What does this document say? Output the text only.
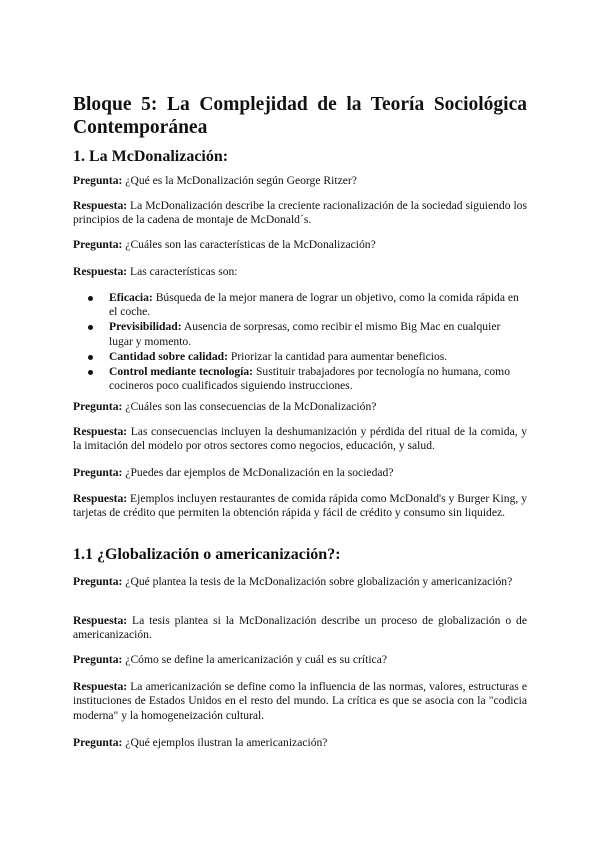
Bloque 5: La Complejidad de la Teoría Sociológica
Contemporánea
1. La McDonalización:

Pregunta: ¿Qué es la McDonalización según George Ritzer?

Respuesta: La McDonalización describe la creciente racionalización de la sociedad siguiendo los principios de la cadena de montaje de McDonald´s.

Pregunta: ¿Cuáles son las características de la McDonalización?

Respuesta: Las características son:

Eficacia: Búsqueda de la mejor manera de lograr un objetivo, como la comida rápida en el coche.
Previsibilidad: Ausencia de sorpresas, como recibir el mismo Big Mac en cualquier lugar y momento.
Cantidad sobre calidad: Priorizar la cantidad para aumentar beneficios.
Control mediante tecnología: Sustituir trabajadores por tecnología no humana, como cocineros poco cualificados siguiendo instrucciones.

Pregunta: ¿Cuáles son las consecuencias de la McDonalización?

Respuesta: Las consecuencias incluyen la deshumanización y pérdida del ritual de la comida, y la imitación del modelo por otros sectores como negocios, educación, y salud.

Pregunta: ¿Puedes dar ejemplos de McDonalización en la sociedad?

Respuesta: Ejemplos incluyen restaurantes de comida rápida como McDonald's y Burger King, y tarjetas de crédito que permiten la obtención rápida y fácil de crédito y consumo sin liquidez.

1.1 ¿Globalización o americanización?:

Pregunta: ¿Qué plantea la tesis de la McDonalización sobre globalización y americanización?

Respuesta: La tesis plantea si la McDonalización describe un proceso de globalización o de americanización.

Pregunta: ¿Cómo se define la americanización y cuál es su crítica?

Respuesta: La americanización se define como la influencia de las normas, valores, estructuras e instituciones de Estados Unidos en el resto del mundo. La crítica es que se asocia con la "codicia moderna" y la homogeneización cultural.

Pregunta: ¿Qué ejemplos ilustran la americanización?
